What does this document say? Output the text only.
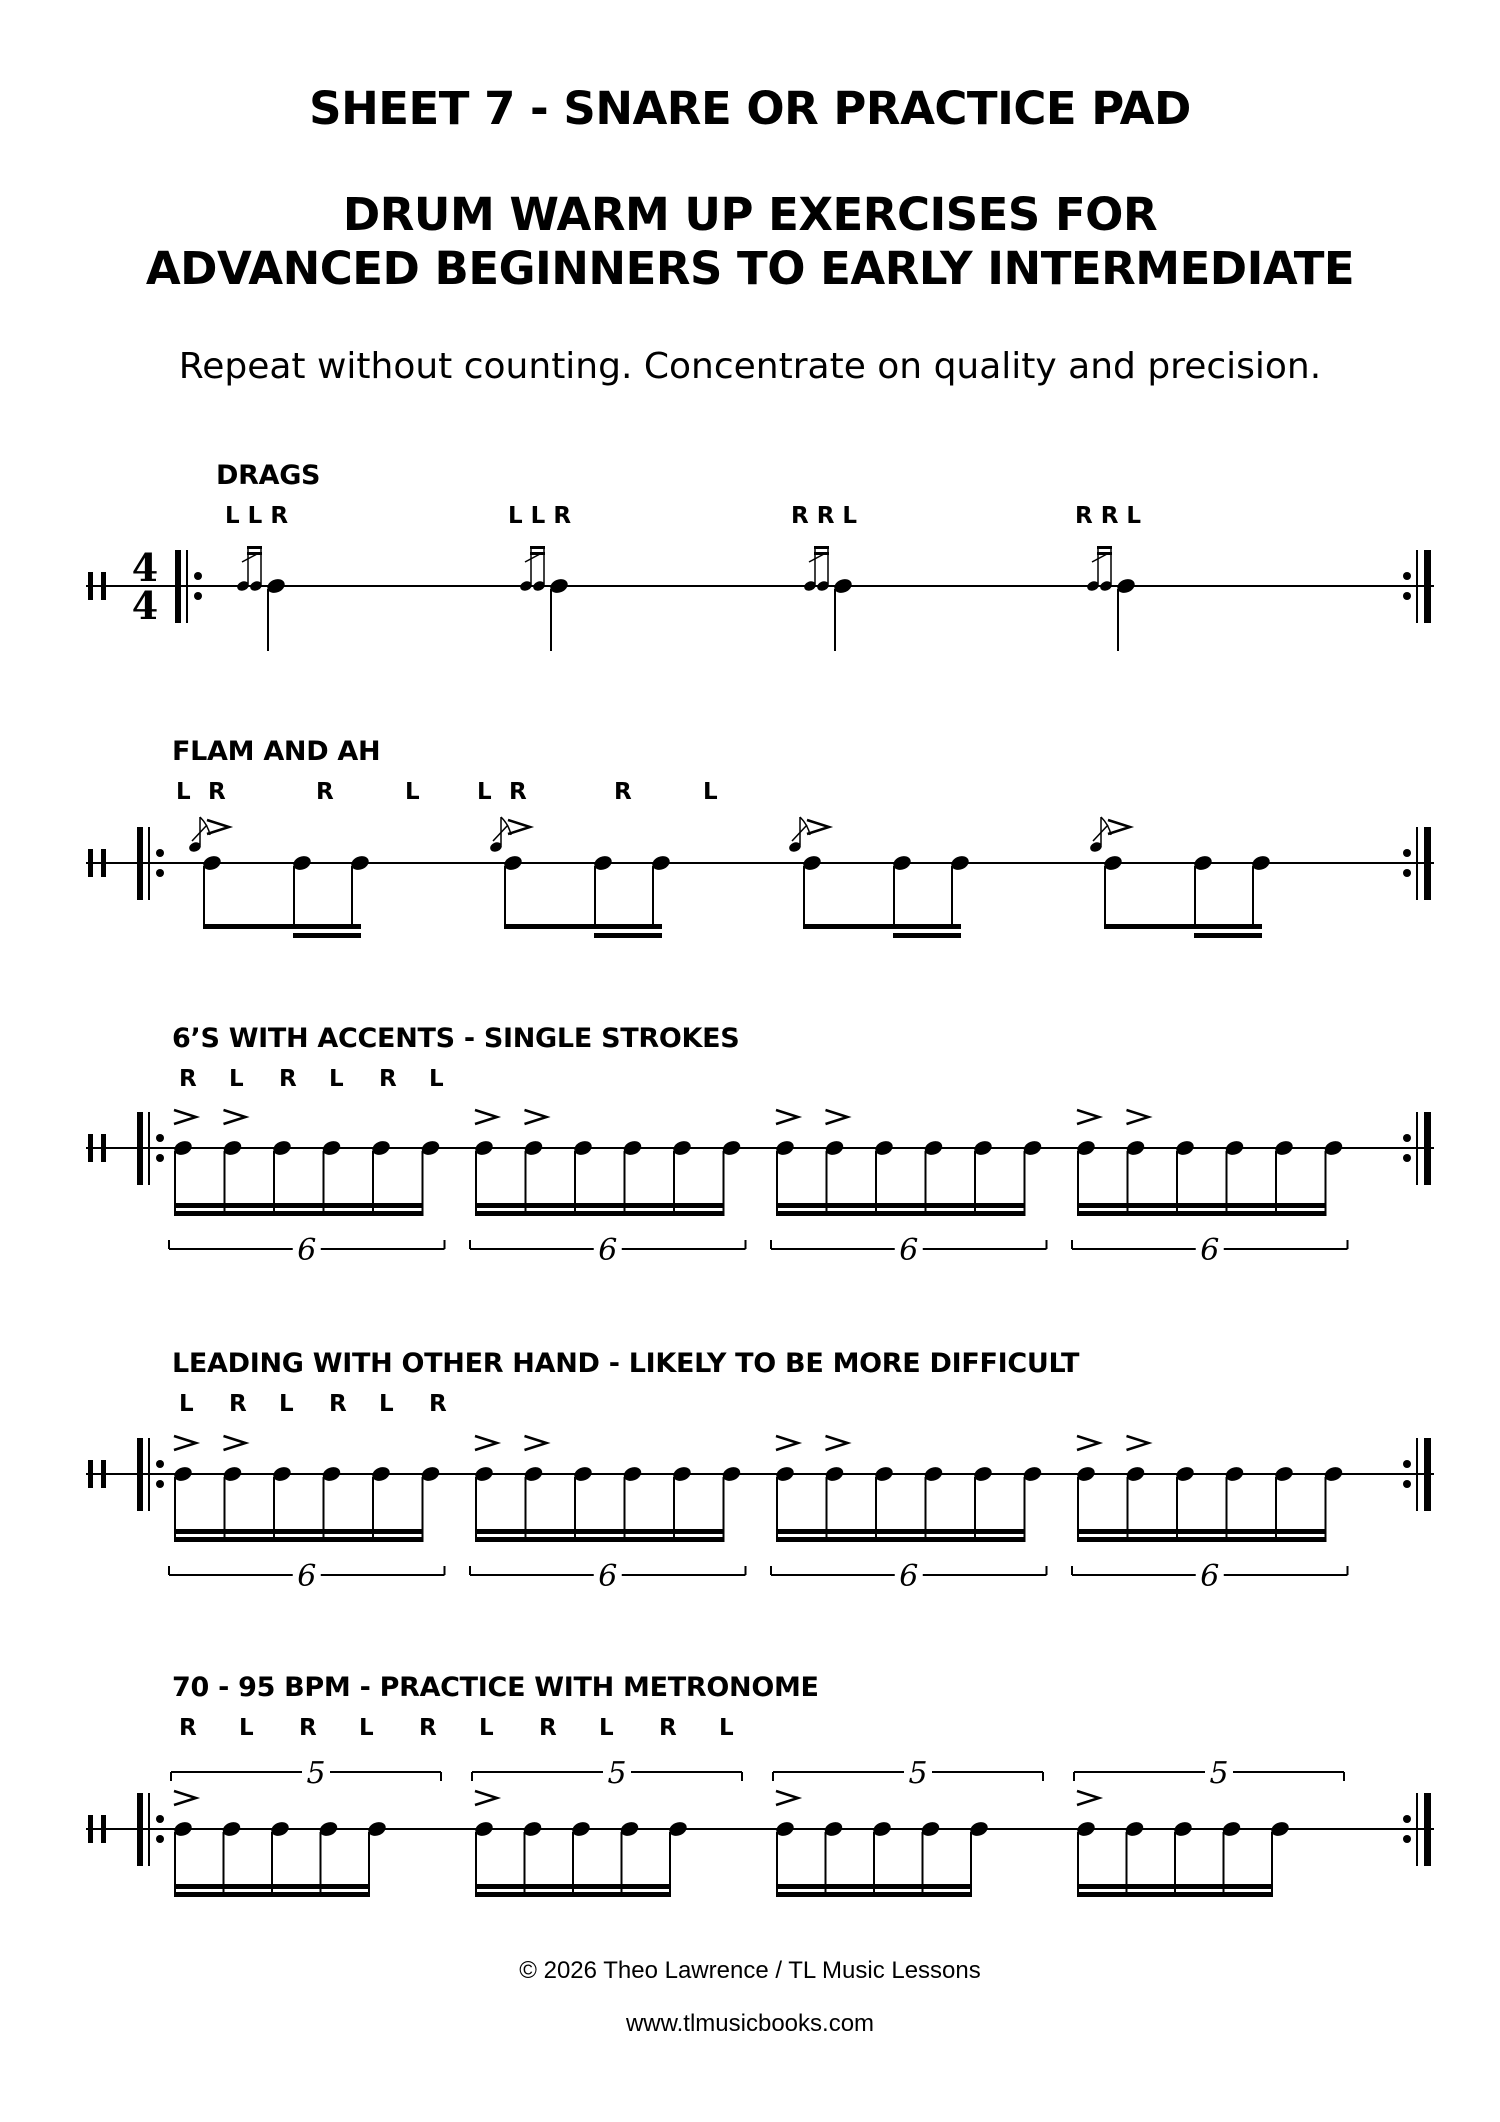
SHEET 7 - SNARE OR PRACTICE PAD
DRUM WARM UP EXERCISES FOR
ADVANCED BEGINNERS TO EARLY INTERMEDIATE
Repeat without counting. Concentrate on quality and precision.
DRAGS
L L R	L L R	R R L	R R L
FLAM AND AH
L R	R	L L R	R	L
6’S WITH ACCENTS - SINGLE STROKES
R L R L R L
LEADING WITH OTHER HAND - LIKELY TO BE MORE DIFFICULT
L R L R L R
70 - 95 BPM - PRACTICE WITH METRONOME
R L R L R L R L R L
4
4
6	6	6	6
6	6	6	6
5	5	5	5
© 2026 Theo Lawrence / TL Music Lessons
www.tlmusicbooks.com
